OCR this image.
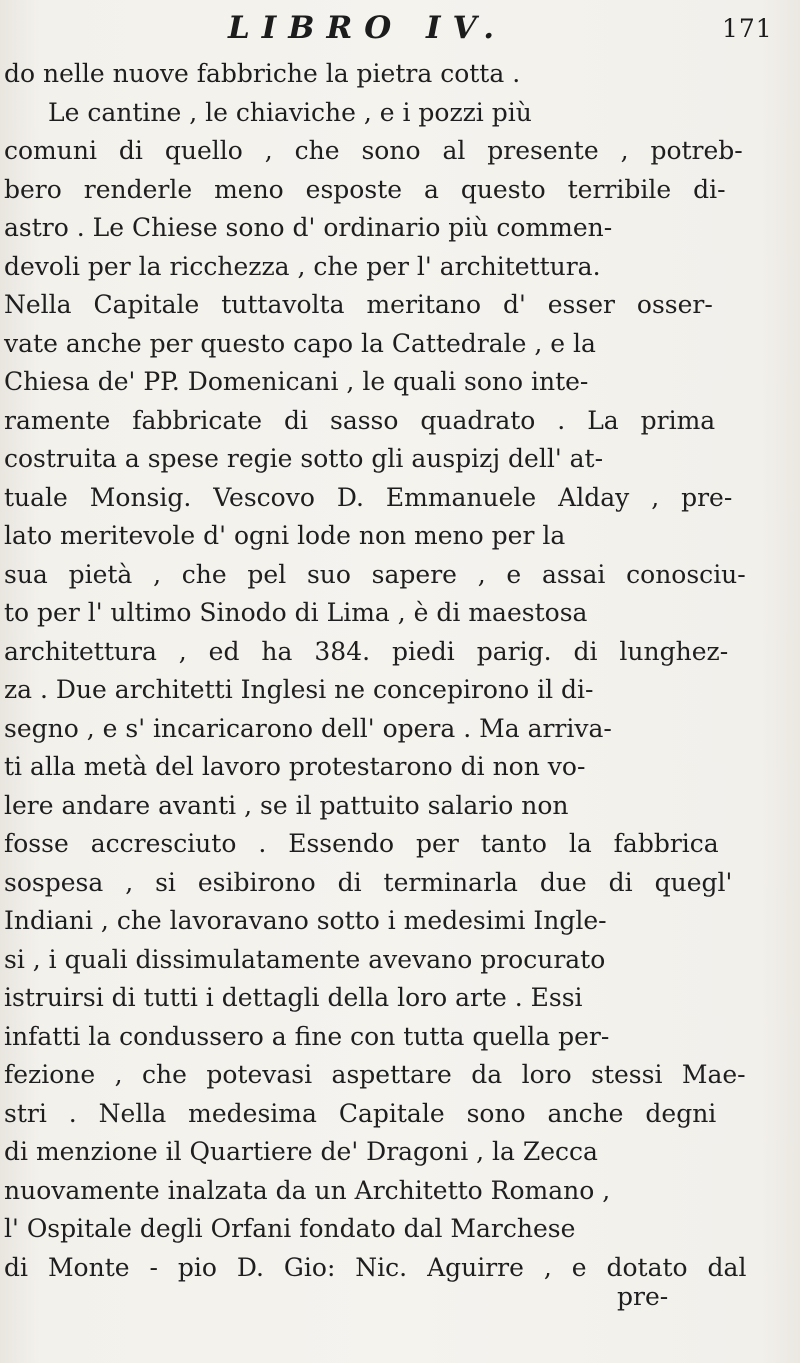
LIBRO IV.	171
do nelle nuove fabbriche la pietra cotta .
Le cantine , le chiaviche , e i pozzi più
comuni di quello , che sono al presente , potreb-
bero renderle meno esposte a questo terribile di-
astro . Le Chiese sono d' ordinario più commen-
devoli per la ricchezza , che per l' architettura.
Nella Capitale tuttavolta meritano d' esser osser-
vate anche per questo capo la Cattedrale , e la
Chiesa de' PP. Domenicani , le quali sono inte-
ramente fabbricate di sasso quadrato . La prima
costruita a spese regie sotto gli auspizj dell' at-
tuale Monsig. Vescovo D. Emmanuele Alday , pre-
lato meritevole d' ogni lode non meno per la
sua pietà , che pel suo sapere , e assai conosciu-
to per l' ultimo Sinodo di Lima , è di maestosa
architettura , ed ha 384. piedi parig. di lunghez-
za . Due architetti Inglesi ne concepirono il di-
segno , e s' incaricarono dell' opera . Ma arriva-
ti alla metà del lavoro protestarono di non vo-
lere andare avanti , se il pattuito salario non
fosse accresciuto . Essendo per tanto la fabbrica
sospesa , si esibirono di terminarla due di quegl'
Indiani , che lavoravano sotto i medesimi Ingle-
si , i quali dissimulatamente avevano procurato
istruirsi di tutti i dettagli della loro arte . Essi
infatti la condussero a fine con tutta quella per-
fezione , che potevasi aspettare da loro stessi Mae-
stri . Nella medesima Capitale sono anche degni
di menzione il Quartiere de' Dragoni , la Zecca
nuovamente inalzata da un Architetto Romano ,
l' Ospitale degli Orfani fondato dal Marchese
di Monte - pio D. Gio: Nic. Aguirre , e dotato dal
pre-
